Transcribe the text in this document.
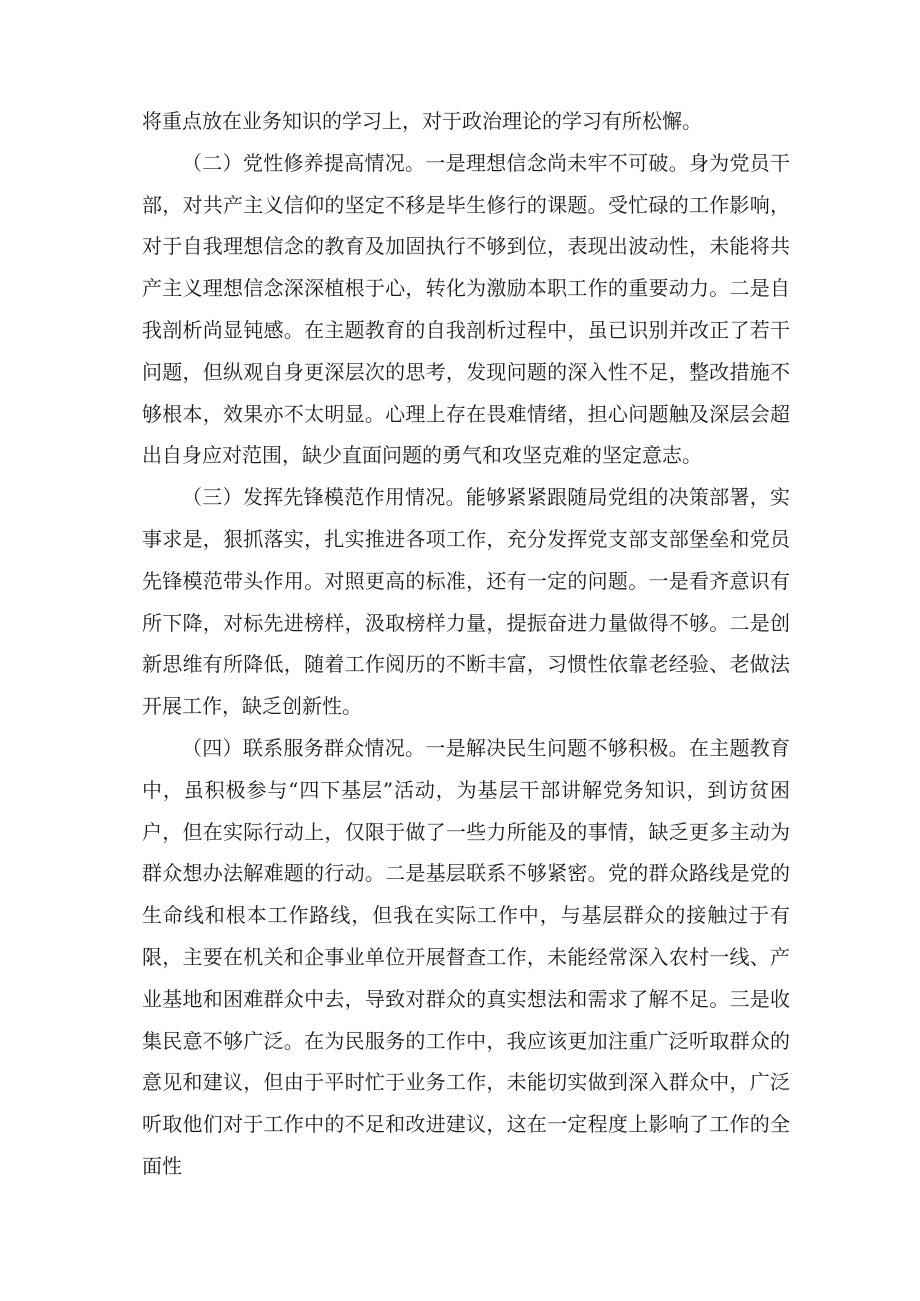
将重点放在业务知识的学习上，对于政治理论的学习有所松懈。

（二）党性修养提高情况。一是理想信念尚未牢不可破。身为党员干部，对共产主义信仰的坚定不移是毕生修行的课题。受忙碌的工作影响，对于自我理想信念的教育及加固执行不够到位，表现出波动性，未能将共产主义理想信念深深植根于心，转化为激励本职工作的重要动力。二是自我剖析尚显钝感。在主题教育的自我剖析过程中，虽已识别并改正了若干问题，但纵观自身更深层次的思考，发现问题的深入性不足，整改措施不够根本，效果亦不太明显。心理上存在畏难情绪，担心问题触及深层会超出自身应对范围，缺少直面问题的勇气和攻坚克难的坚定意志。

（三）发挥先锋模范作用情况。能够紧紧跟随局党组的决策部署，实事求是，狠抓落实，扎实推进各项工作，充分发挥党支部支部堡垒和党员先锋模范带头作用。对照更高的标准，还有一定的问题。一是看齐意识有所下降，对标先进榜样，汲取榜样力量，提振奋进力量做得不够。二是创新思维有所降低，随着工作阅历的不断丰富，习惯性依靠老经验、老做法开展工作，缺乏创新性。

（四）联系服务群众情况。一是解决民生问题不够积极。在主题教育中，虽积极参与“四下基层”活动，为基层干部讲解党务知识，到访贫困户，但在实际行动上，仅限于做了一些力所能及的事情，缺乏更多主动为群众想办法解难题的行动。二是基层联系不够紧密。党的群众路线是党的生命线和根本工作路线，但我在实际工作中，与基层群众的接触过于有限，主要在机关和企事业单位开展督查工作，未能经常深入农村一线、产业基地和困难群众中去，导致对群众的真实想法和需求了解不足。三是收集民意不够广泛。在为民服务的工作中，我应该更加注重广泛听取群众的意见和建议，但由于平时忙于业务工作，未能切实做到深入群众中，广泛听取他们对于工作中的不足和改进建议，这在一定程度上影响了工作的全面性
